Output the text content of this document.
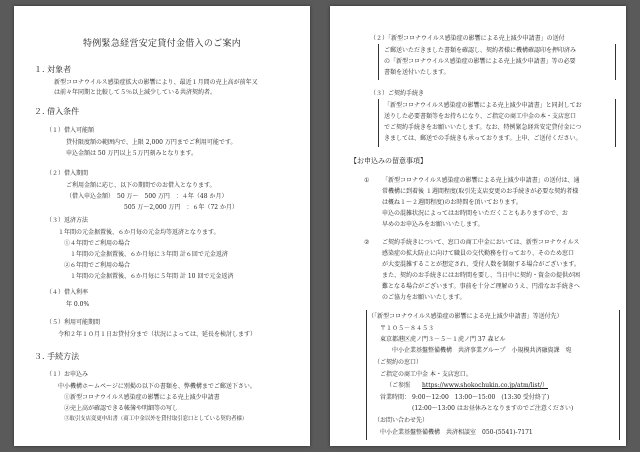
特例緊急経営安定貸付金借入のご案内
１. 対象者
新型コロナウイルス感染症拡大の影響により、最近１月間の売上高が前年又
は前々年同期と比較して５％以上減少している共済契約者。
２. 借入条件
（１）借入可能額
貸付限度額の範囲内で、上限 2,000 万円までご利用可能です。
申込金額は 50 万円以上５万円刻みとなります。
（２）借入期間
ご利用金額に応じ、以下の期間でのお借入となります。
（借入申込金額）　50 万～　500 万円　：４年（48 か月）
505 万～2,000 万円　：６年（72 か月）
（３）返済方法
１年間の元金据置後、６か月毎の元金均等返済となります。
①４年間でご利用の場合
１年間の元金据置後、６か月毎に３年間 計６回で元金返済
②６年間でご利用の場合
１年間の元金据置後、６か月毎に５年間 計 10 回で元金返済
（４）借入利率
年 0.0%
（５）利用可能期間
令和２年１０月１日お貸付分まで（状況によっては、延長を検討します）
３. 手続方法
（１）お申込み
中小機構ホームページに別掲の以下の書類を、弊機構までご郵送下さい。
①新型コロナウイルス感染症の影響による売上減少申請書
②売上高が確認できる帳簿や明細等の写し
③取引支店変更申出書（商工中金以外を貸付取引窓口としている契約者様）
（２）「新型コロナウイルス感染症の影響による売上減少申請書」の送付
ご郵送いただきました書類を確認し、契約者様に機構確認印を押印済み
の「新型コロナウイルス感染症の影響による売上減少申請書」等の必要
書類を送付いたします。
（３）ご契約手続き
「新型コロナウイルス感染症の影響による売上減少申請書」と同封してお
送りした必要書類等をお持ちになり、ご指定の商工中金の本・支店窓口
でご契約手続きをお願いいたします。なお、特例緊急経営安定貸付金につ
きましては、郵送での手続きも承っております。上申、ご送付ください。
【お申込みの留意事項】
① 「新型コロナウイルス感染症の影響による売上減少申請書」の送付は、通
常機構に到着後 １週間程度(取引先支店変更のお手続きが必要な契約者様
は概ね１～２週間程度)のお時間を頂いております。
申込の混雑状況によってはお時間をいただくこともありますので、お
早めのお申込みをお願いいたします。
② ご契約手続きについて、窓口の商工中金においては、新型コロナウイルス
感染症の拡大防止に向けて職員の交代勤務を行っており、そのため窓口
が大変混雑することが想定され、受付人数を制限する場合がございます。
また、契約のお手続きにはお時間を要し、当日中に契約・資金の提供が困
難となる場合がございます。事前を十分ご理解のうえ、円滑なお手続きへ
のご協力をお願いいたします。
（「新型コロナウイルス感染症の影響による売上減少申請書」等送付先）
〒１０５－８４５３
東京都港区虎ノ門３－５－１虎ノ門 37 森ビル
中小企業基盤整備機構　共済事業グループ　小規模共済融資課　宛
（ご契約の窓口）
ご指定の商工中金 本・支店窓口。
（ご参照 https://www.shokochukin.co.jp/atm/list/）
営業時間： 9:00～12:00　13:00～15:00　(13:30 受付終了)
(12:00～13:00 はお昼休みとなりますのでご注意ください)
（お問い合わせ先）
中小企業基盤整備機構　共済相談室　050-(5541)-7171
